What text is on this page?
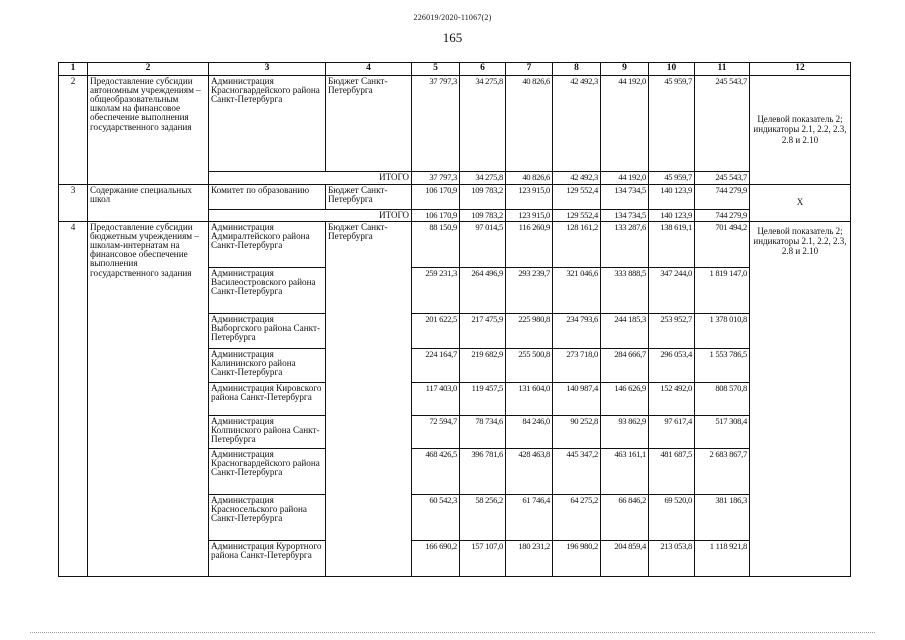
226019/2020-11067(2)
165
1	2	3	4	5	6	7	8	9	10	11	12
2	Предоставление субсидии автономным учреждениям – общеобразовательным школам на финансовое обеспечение выполнения государственного задания	Администрация Красногвардейского района Санкт-Петербурга	Бюджет Санкт-Петербурга	37 797,3	34 275,8	40 826,6	42 492,3	44 192,0	45 959,7	245 543,7	Целевой показатель 2; индикаторы 2.1, 2.2, 2.3, 2.8 и 2.10
		ИТОГО		37 797,3	34 275,8	40 826,6	42 492,3	44 192,0	45 959,7	245 543,7	
3	Содержание специальных школ	Комитет по образованию	Бюджет Санкт-Петербурга	106 170,9	109 783,2	123 915,0	129 552,4	134 734,5	140 123,9	744 279,9	Х
		ИТОГО		106 170,9	109 783,2	123 915,0	129 552,4	134 734,5	140 123,9	744 279,9	
4	Предоставление субсидии бюджетным учреждениям – школам-интернатам на финансовое обеспечение выполнения государственного задания	Администрация Адмиралтейского района Санкт-Петербурга	Бюджет Санкт-Петербурга	88 150,9	97 014,5	116 260,9	128 161,2	133 287,6	138 619,1	701 494,2	Целевой показатель 2; индикаторы 2.1, 2.2, 2.3, 2.8 и 2.10
		Администрация Василеостровского района Санкт-Петербурга		259 231,3	264 496,9	293 239,7	321 046,6	333 888,5	347 244,0	1 819 147,0	
		Администрация Выборгского района Санкт-Петербурга		201 622,5	217 475,9	225 980,8	234 793,6	244 185,3	253 952,7	1 378 010,8	
		Администрация Калининского района Санкт-Петербурга		224 164,7	219 682,9	255 500,8	273 718,0	284 666,7	296 053,4	1 553 786,5	
		Администрация Кировского района Санкт-Петербурга		117 403,0	119 457,5	131 604,0	140 987,4	146 626,9	152 492,0	808 570,8	
		Администрация Колпинского района Санкт-Петербурга		72 594,7	78 734,6	84 246,0	90 252,8	93 862,9	97 617,4	517 308,4	
		Администрация Красногвардейского района Санкт-Петербурга		468 426,5	396 781,6	428 463,8	445 347,2	463 161,1	481 687,5	2 683 867,7	
		Администрация Красносельского района Санкт-Петербурга		60 542,3	58 256,2	61 746,4	64 275,2	66 846,2	69 520,0	381 186,3	
		Администрация Курортного района Санкт-Петербурга		166 690,2	157 107,0	180 231,2	196 980,2	204 859,4	213 053,8	1 118 921,8	
